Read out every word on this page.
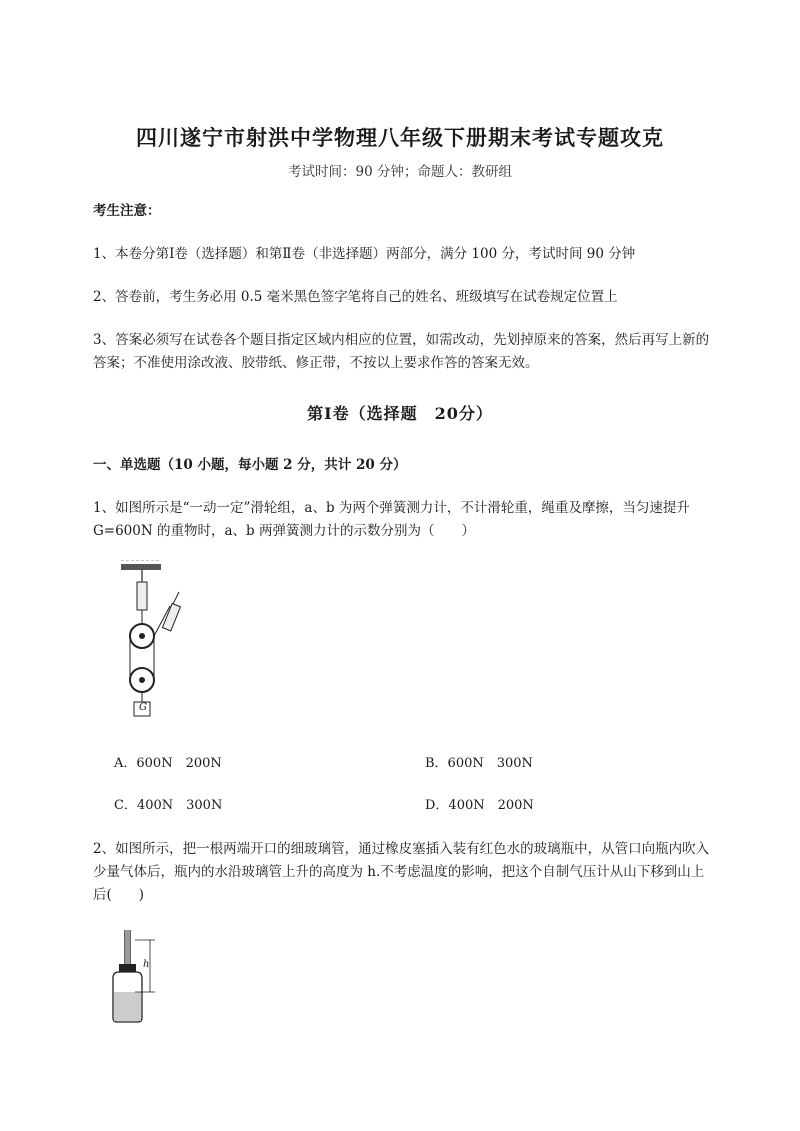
四川遂宁市射洪中学物理八年级下册期末考试专题攻克
考试时间：90 分钟；命题人：教研组
考生注意：
1、本卷分第Ⅰ卷（选择题）和第Ⅱ卷（非选择题）两部分，满分 100 分，考试时间 90 分钟
2、答卷前，考生务必用 0.5 毫米黑色签字笔将自己的姓名、班级填写在试卷规定位置上
3、答案必须写在试卷各个题目指定区域内相应的位置，如需改动，先划掉原来的答案，然后再写上新的答案；不准使用涂改液、胶带纸、修正带，不按以上要求作答的答案无效。
第Ⅰ卷（选择题　20分）
一、单选题（10 小题，每小题 2 分，共计 20 分）
1、如图所示是“一动一定”滑轮组，a、b 为两个弹簧测力计，不计滑轮重，绳重及摩擦，当匀速提升 G=600N 的重物时，a、b 两弹簧测力计的示数分别为（　　）
G
A．600N　200N	B．600N　300N
C．400N　300N	D．400N　200N
2、如图所示，把一根两端开口的细玻璃管，通过橡皮塞插入装有红色水的玻璃瓶中，从管口向瓶内吹入少量气体后，瓶内的水沿玻璃管上升的高度为 h.不考虑温度的影响，把这个自制气压计从山下移到山上后(　　)
h
